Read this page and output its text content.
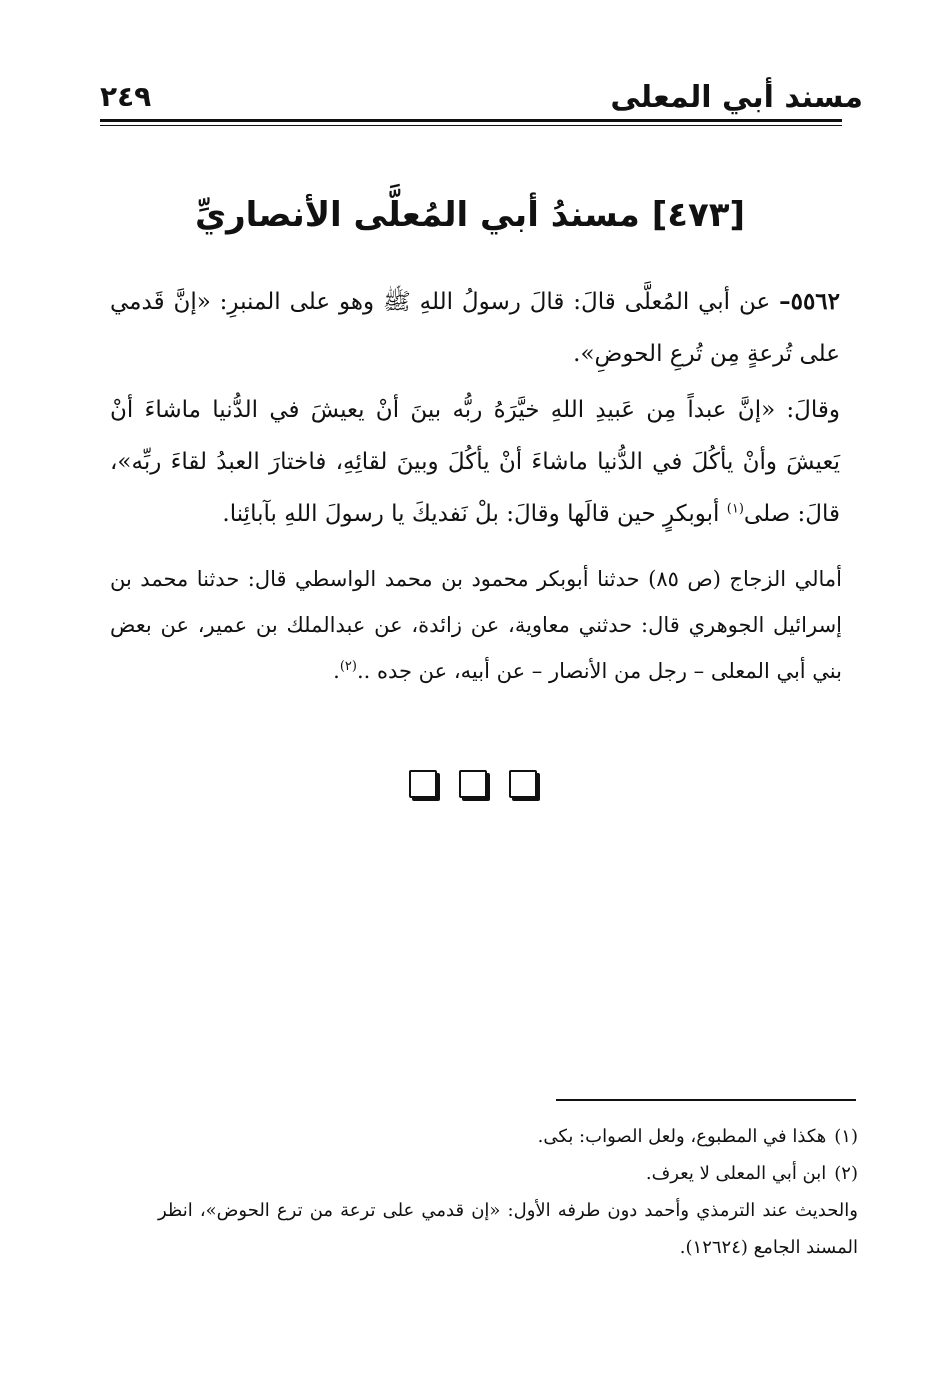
مسند أبي المعلى
٢٤٩
[٤٧٣] مسندُ أبي المُعلَّى الأنصاريِّ
٥٥٦٢– عن أبي المُعلَّى قالَ: قالَ رسولُ اللهِ ﷺ وهو على المنبرِ: «إنَّ قَدمي على تُرعةٍ مِن تُرعِ الحوضِ».
وقالَ: «إنَّ عبداً مِن عَبيدِ اللهِ خيَّرَهُ ربُّه بينَ أنْ يعيشَ في الدُّنيا ماشاءَ أنْ يَعيشَ وأنْ يأكُلَ في الدُّنيا ماشاءَ أنْ يأكُلَ وبينَ لقائِهِ، فاختارَ العبدُ لقاءَ ربِّه»، قالَ: صلى$^{(١)}$ أبوبكرٍ حين قالَها وقالَ: بلْ نَفديكَ يا رسولَ اللهِ بآبائِنا.
أمالي الزجاج (ص ٨٥) حدثنا أبوبكر محمود بن محمد الواسطي قال: حدثنا محمد بن إسرائيل الجوهري قال: حدثني معاوية، عن زائدة، عن عبدالملك بن عمير، عن بعض بني أبي المعلى – رجل من الأنصار – عن أبيه، عن جده ..$^{(٢)}$.
(١)هكذا في المطبوع، ولعل الصواب: بكى.
(٢)ابن أبي المعلى لا يعرف.
والحديث عند الترمذي وأحمد دون طرفه الأول: «إن قدمي على ترعة من ترع الحوض»، انظر المسند الجامع (١٢٦٢٤).
